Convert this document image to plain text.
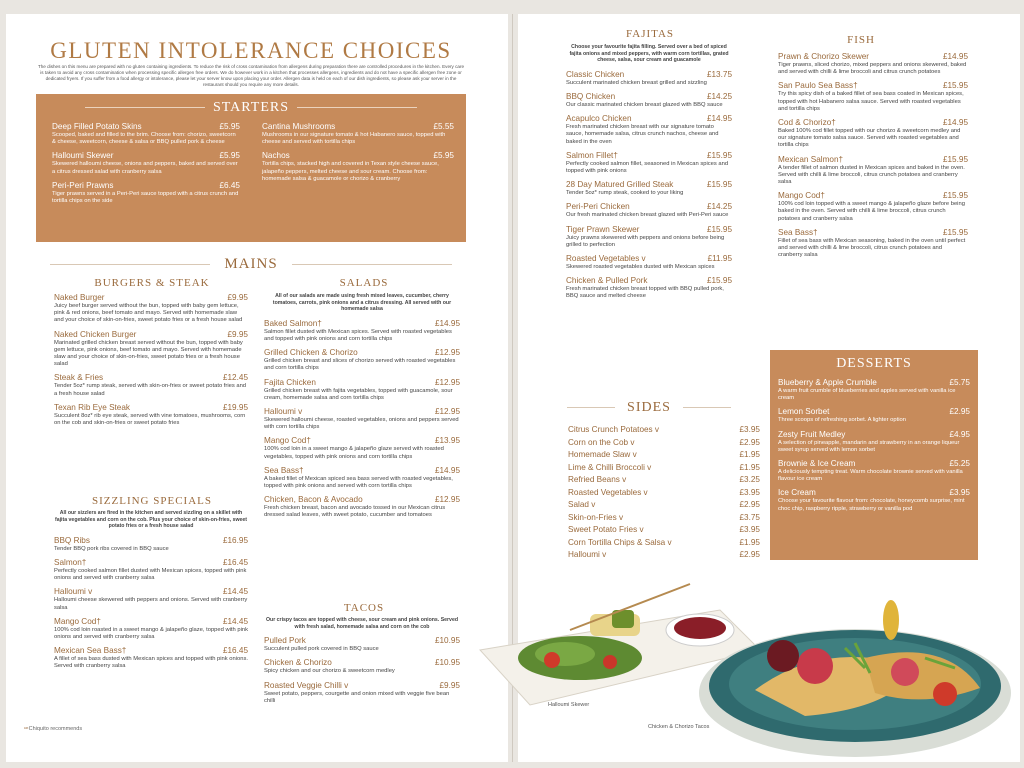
GLUTEN INTOLERANCE CHOICES
The dishes on this menu are prepared with no gluten containing ingredients. To reduce the risk of cross contamination from allergens during preparation there are controlled procedures in the kitchen. Every care is taken to avoid any cross contamination when processing specific allergen free orders. We do however work in a kitchen that processes allergens, ingredients and do not have a specific allergen free zone or dedicated fryers. If you suffer from a food allergy or intolerance, please let your server know upon placing your order. Allergen data is held on each of our dish ingredients, so please ask your server in the restaurant should you require any more details.
STARTERS
Deep Filled Potato Skins	£5.95
Scooped, baked and filled to the brim. Choose from: chorizo, sweetcorn & cheese, sweetcorn, cheese & salsa or BBQ pulled pork & cheese
Halloumi Skewer	£5.95
Skewered halloumi cheese, onions and peppers, baked and served over a citrus dressed salad with cranberry salsa
Peri-Peri Prawns	£6.45
Tiger prawns served in a Peri-Peri sauce topped with a citrus crunch and tortilla chips on the side
Cantina Mushrooms	£5.55
Mushrooms in our signature tomato & hot Habanero sauce, topped with cheese and served with tortilla chips
Nachos	£5.95
Tortilla chips, stacked high and covered in Texan style cheese sauce, jalapeño peppers, melted cheese and sour cream. Choose from: homemade salsa & guacamole or chorizo & cranberry
MAINS
BURGERS & STEAK
Naked Burger	£9.95
Juicy beef burger served without the bun, topped with baby gem lettuce, pink & red onions, beef tomato and mayo. Served with homemade slaw and your choice of skin-on-fries, sweet potato fries or a fresh house salad
Naked Chicken Burger	£9.95
Marinated grilled chicken breast served without the bun, topped with baby gem lettuce, pink onions, beef tomato and mayo. Served with homemade slaw and your choice of skin-on-fries, sweet potato fries or a fresh house salad
Steak & Fries	£12.45
Tender 5oz* rump steak, served with skin-on-fries or sweet potato fries and a fresh house salad
Texan Rib Eye Steak	£19.95
Succulent 8oz* rib eye steak, served with vine tomatoes, mushrooms, corn on the cob and skin-on-fries or sweet potato fries
SIZZLING SPECIALS
All our sizzlers are fired in the kitchen and served sizzling on a skillet with fajita vegetables and corn on the cob. Plus your choice of skin-on-fries, sweet potato fries or a fresh house salad
BBQ Ribs	£16.95
Tender BBQ pork ribs covered in BBQ sauce
Salmon†	£16.45
Perfectly cooked salmon fillet dusted with Mexican spices, topped with pink onions and served with cranberry salsa
Halloumi v	£14.45
Halloumi cheese skewered with peppers and onions. Served with cranberry salsa
Mango Cod†	£14.45
100% cod loin roasted in a sweet mango & jalapeño glaze, topped with pink onions and served with cranberry salsa
Mexican Sea Bass†	£16.45
A fillet of sea bass dusted with Mexican spices and topped with pink onions. Served with cranberry salsa
SALADS
All of our salads are made using fresh mixed leaves, cucumber, cherry tomatoes, carrots, pink onions and a citrus dressing. All served with our homemade salsa
Baked Salmon†	£14.95
Salmon fillet dusted with Mexican spices. Served with roasted vegetables and topped with pink onions and corn tortilla chips
Grilled Chicken & Chorizo	£12.95
Grilled chicken breast and slices of chorizo served with roasted vegetables and corn tortilla chips
Fajita Chicken	£12.95
Grilled chicken breast with fajita vegetables, topped with guacamole, sour cream, homemade salsa and corn tortilla chips
Halloumi v	£12.95
Skewered halloumi cheese, roasted vegetables, onions and peppers served with corn tortilla chips
Mango Cod†	£13.95
100% cod loin in a sweet mango & jalapeño glaze served with roasted vegetables, topped with pink onions and corn tortilla chips
Sea Bass†	£14.95
A baked fillet of Mexican spiced sea bass served with roasted vegetables, topped with pink onions and served with corn tortilla chips
Chicken, Bacon & Avocado	£12.95
Fresh chicken breast, bacon and avocado tossed in our Mexican citrus dressed salad leaves, with sweet potato, cucumber and tomatoes
TACOS
Our crispy tacos are topped with cheese, sour cream and pink onions. Served with fresh salad, homemade salsa and corn on the cob
Pulled Pork	£10.95
Succulent pulled pork covered in BBQ sauce
Chicken & Chorizo	£10.95
Spicy chicken and our chorizo & sweetcorn medley
Roasted Veggie Chilli v	£9.95
Sweet potato, peppers, courgette and onion mixed with veggie five bean chilli
✑ Chiquito recommends
FAJITAS
Choose your favourite fajita filling. Served over a bed of spiced fajita onions and mixed peppers, with warm corn tortillas, grated cheese, salsa, sour cream and guacamole
Classic Chicken	£13.75
Succulent marinated chicken breast grilled and sizzling
BBQ Chicken	£14.25
Our classic marinated chicken breast glazed with BBQ sauce
Acapulco Chicken	£14.95
Fresh marinated chicken breast with our signature tomato sauce, homemade salsa, citrus crunch nachos, cheese and baked in the oven
Salmon Fillet†	£15.95
Perfectly cooked salmon fillet, seasoned in Mexican spices and topped with pink onions
28 Day Matured Grilled Steak	£15.95
Tender 5oz* rump steak, cooked to your liking
Peri-Peri Chicken	£14.25
Our fresh marinated chicken breast glazed with Peri-Peri sauce
Tiger Prawn Skewer	£15.95
Juicy prawns skewered with peppers and onions before being grilled to perfection
Roasted Vegetables v	£11.95
Skewered roasted vegetables dusted with Mexican spices
Chicken & Pulled Pork	£15.95
Fresh marinated chicken breast topped with BBQ pulled pork, BBQ sauce and melted cheese
SIDES
Citrus Crunch Potatoes v	£3.95
Corn on the Cob v	£2.95
Homemade Slaw v	£1.95
Lime & Chilli Broccoli v	£1.95
Refried Beans v	£3.25
Roasted Vegetables v	£3.95
Salad v	£2.95
Skin-on-Fries v	£3.75
Sweet Potato Fries v	£3.95
Corn Tortilla Chips & Salsa v	£1.95
Halloumi v	£2.95
FISH
Prawn & Chorizo Skewer	£14.95
Tiger prawns, sliced chorizo, mixed peppers and onions skewered, baked and served with chilli & lime broccoli and citrus crunch potatoes
San Paulo Sea Bass†	£15.95
Try this spicy dish of a baked fillet of sea bass coated in Mexican spices, topped with hot Habanero salsa sauce. Served with roasted vegetables and tortilla chips
Cod & Chorizo†	£14.95
Baked 100% cod fillet topped with our chorizo & sweetcorn medley and our signature tomato salsa sauce. Served with roasted vegetables and tortilla chips
Mexican Salmon†	£15.95
A tender fillet of salmon dusted in Mexican spices and baked in the oven. Served with chilli & lime broccoli, citrus crunch potatoes and cranberry salsa
Mango Cod†	£15.95
100% cod loin topped with a sweet mango & jalapeño glaze before being baked in the oven. Served with chilli & lime broccoli, citrus crunch potatoes and cranberry salsa
Sea Bass†	£15.95
Fillet of sea bass with Mexican seasoning, baked in the oven until perfect and served with chilli & lime broccoli, citrus crunch potatoes and cranberry salsa
DESSERTS
Blueberry & Apple Crumble	£5.75
A warm fruit crumble of blueberries and apples served with vanilla ice cream
Lemon Sorbet	£2.95
Three scoops of refreshing sorbet. A lighter option
Zesty Fruit Medley	£4.95
A selection of pineapple, mandarin and strawberry in an orange liqueur sweet syrup served with lemon sorbet
Brownie & Ice Cream	£5.25
A deliciously tempting treat. Warm chocolate brownie served with vanilla flavour ice cream
Ice Cream	£3.95
Choose your favourite flavour from: chocolate, honeycomb surprise, mint choc chip, raspberry ripple, strawberry or vanilla pod
Halloumi Skewer
Chicken & Chorizo Tacos
